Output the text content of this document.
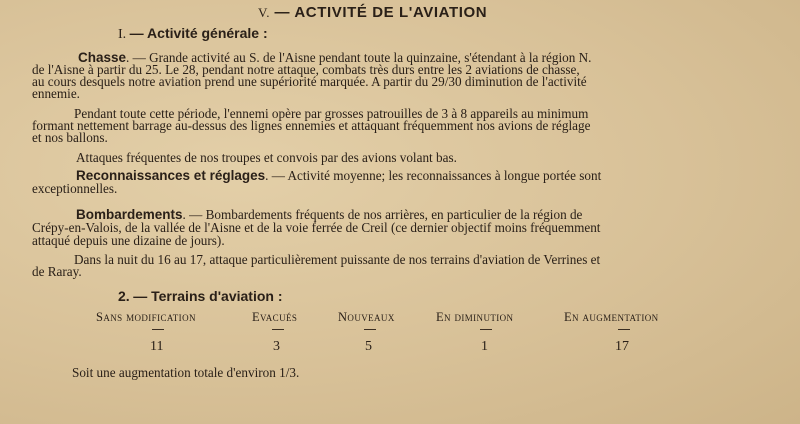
V. — ACTIVITÉ DE L'AVIATION
I. — Activité générale :
Chasse. — Grande activité au S. de l'Aisne pendant toute la quinzaine, s'étendant à la région N.
de l'Aisne à partir du 25. Le 28, pendant notre attaque, combats très durs entre les 2 aviations de chasse,
au cours desquels notre aviation prend une supériorité marquée. A partir du 29/30 diminution de l'activité
ennemie.
Pendant toute cette période, l'ennemi opère par grosses patrouilles de 3 à 8 appareils au minimum
formant nettement barrage au-dessus des lignes ennemies et attaquant fréquemment nos avions de réglage
et nos ballons.
Attaques fréquentes de nos troupes et convois par des avions volant bas.
Reconnaissances et réglages. — Activité moyenne; les reconnaissances à longue portée sont
exceptionnelles.
Bombardements. — Bombardements fréquents de nos arrières, en particulier de la région de
Crépy-en-Valois, de la vallée de l'Aisne et de la voie ferrée de Creil (ce dernier objectif moins fréquemment
attaqué depuis une dizaine de jours).
Dans la nuit du 16 au 17, attaque particulièrement puissante de nos terrains d'aviation de Verrines et
de Raray.
2. — Terrains d'aviation :
Sans modification	Evacués	Nouveaux	En diminution	En augmentation
11	3	5	1	17
Soit une augmentation totale d'environ 1/3.
